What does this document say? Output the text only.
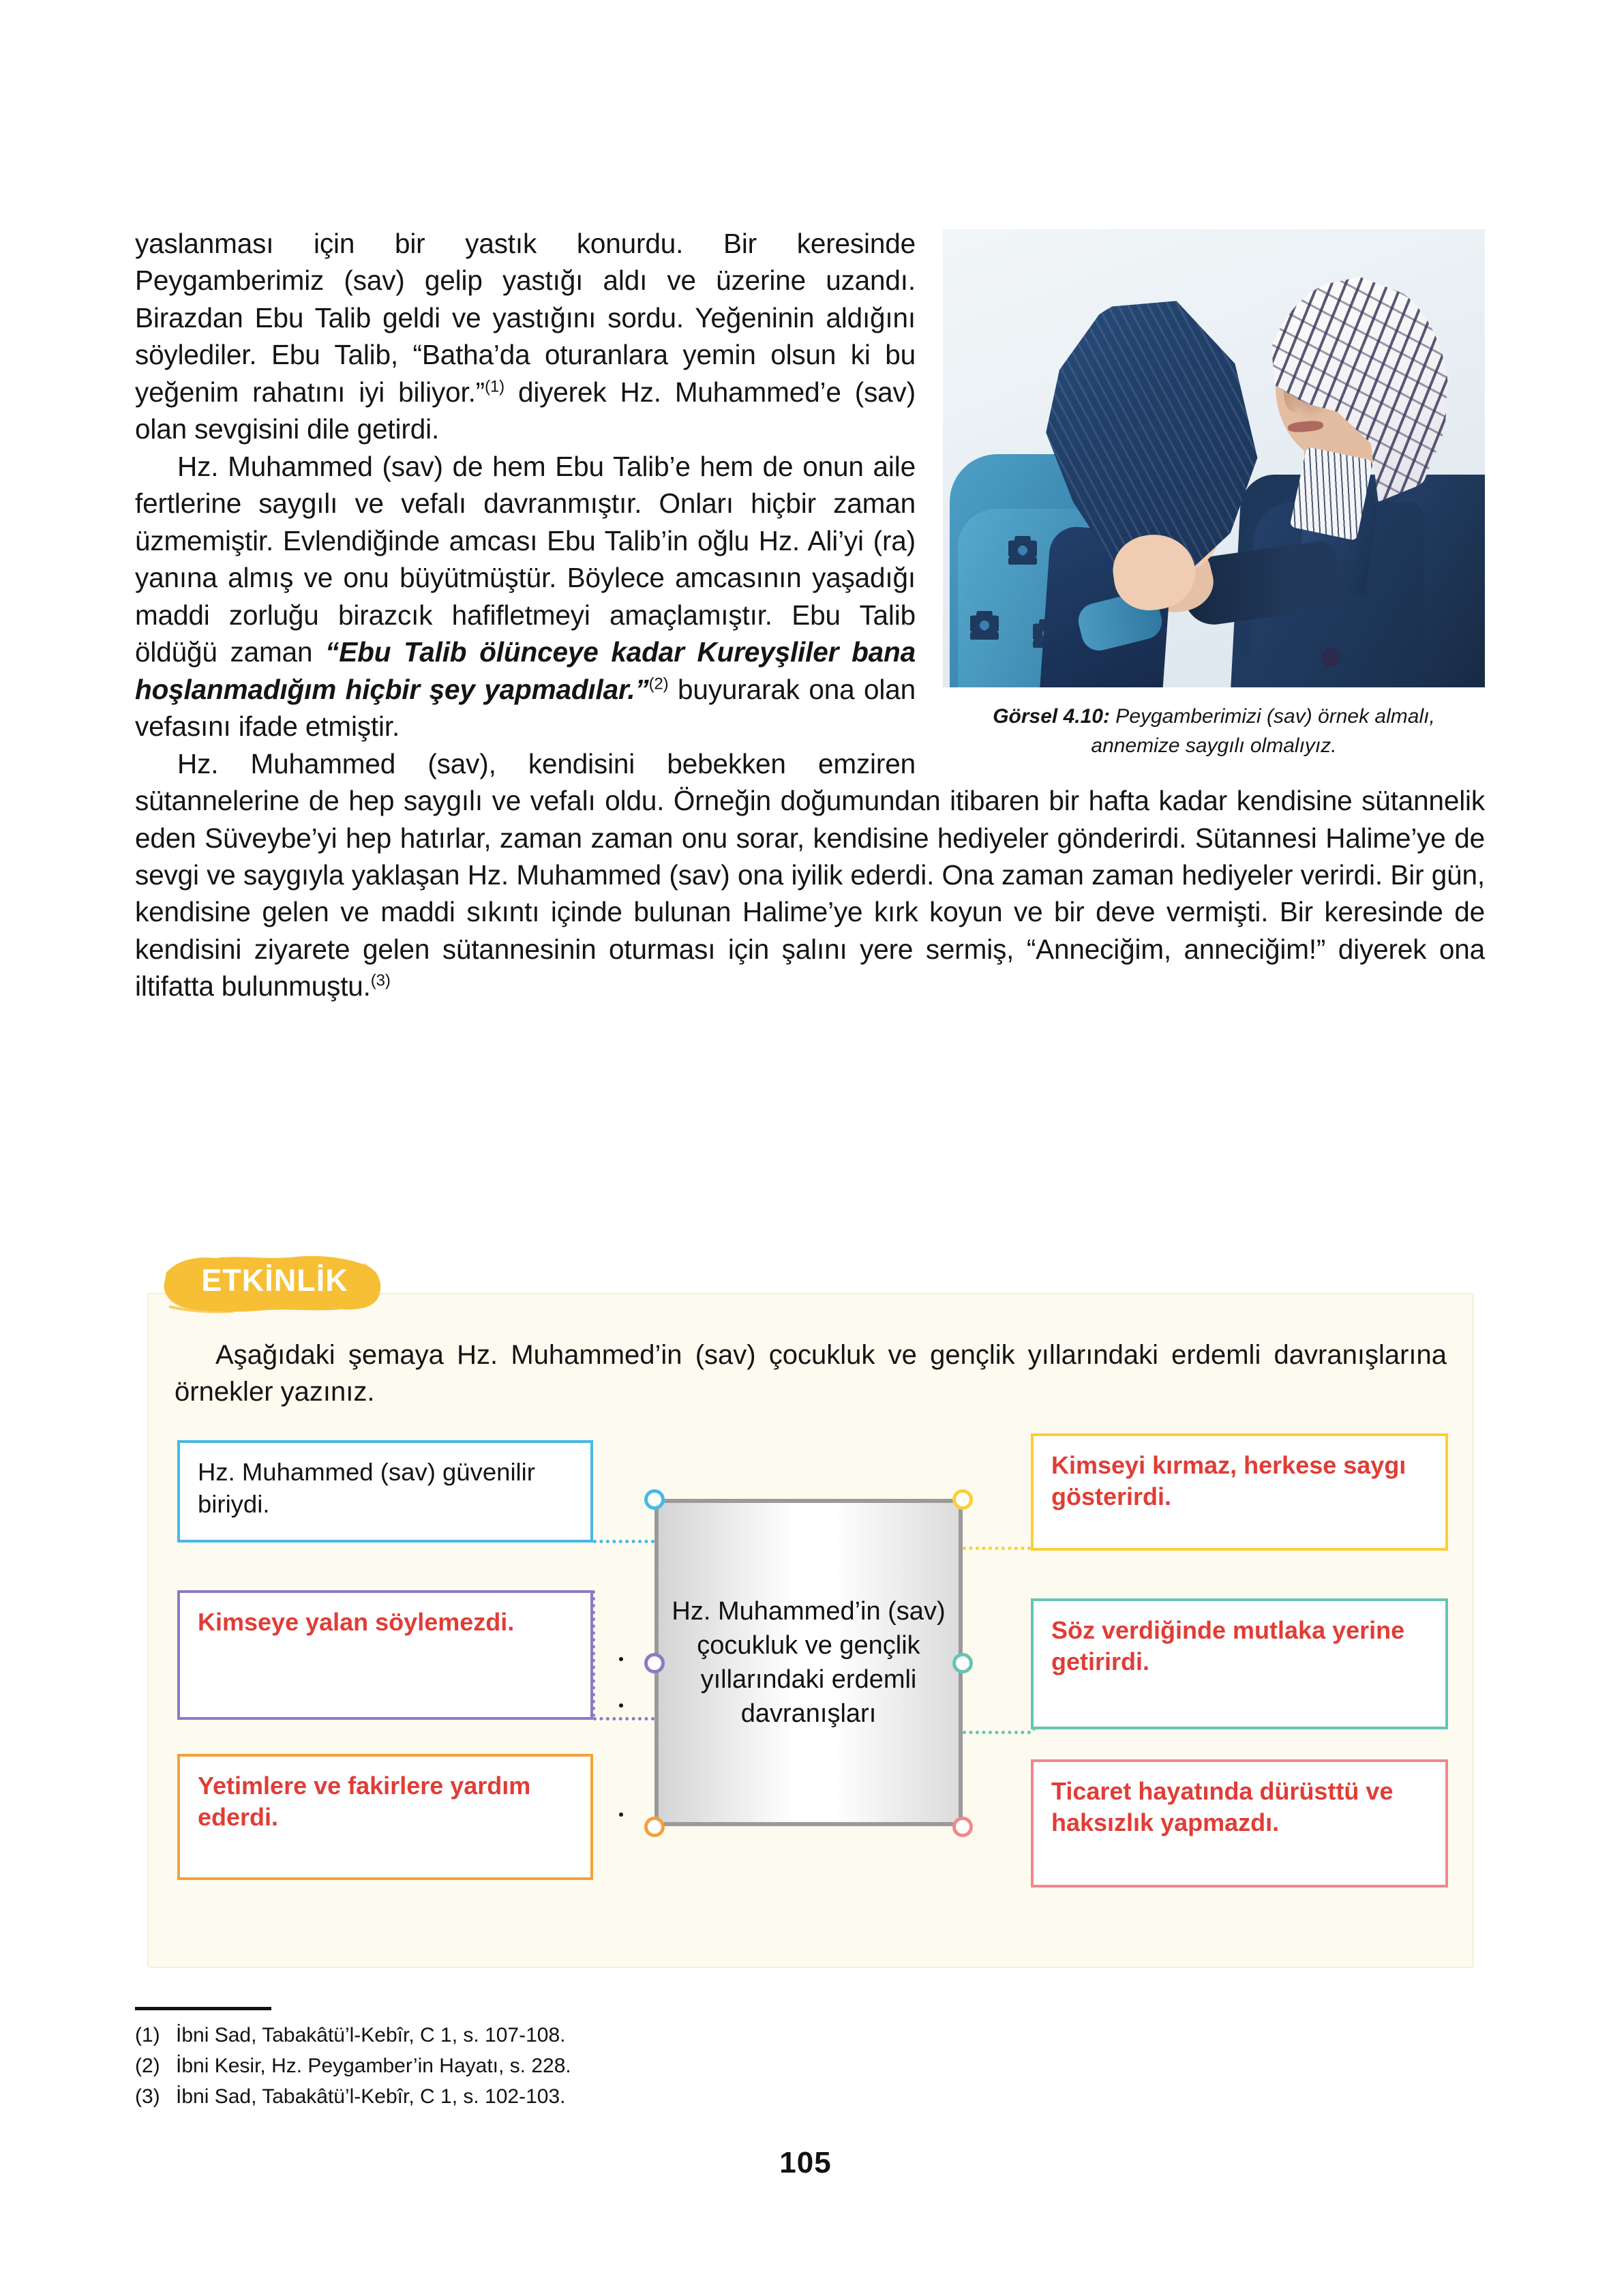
Görsel 4.10: Peygamberimizi (sav) örnek almalı, annemize saygılı olmalıyız.

yaslanması için bir yastık konurdu. Bir keresinde Peygamberimiz (sav) gelip yastığı aldı ve üzerine uzandı. Birazdan Ebu Talib geldi ve yastığını sordu. Yeğeninin aldığını söylediler. Ebu Talib, “Batha’da oturanlara yemin olsun ki bu yeğenim rahatını iyi biliyor.”$^{(1)}$ diyerek Hz. Muhammed’e (sav) olan sevgisini dile getirdi.

Hz. Muhammed (sav) de hem Ebu Talib’e hem de onun aile fertlerine saygılı ve vefalı davranmıştır. Onları hiçbir zaman üzmemiştir. Evlendiğinde amcası Ebu Talib’in oğlu Hz. Ali’yi (ra) yanına almış ve onu büyütmüştür. Böylece amcasının yaşadığı maddi zorluğu birazcık hafifletmeyi amaçlamıştır. Ebu Talib öldüğü zaman “Ebu Talib ölünceye kadar Kureyşliler bana hoşlanmadığım hiçbir şey yapmadılar.”$^{(2)}$ buyurarak ona olan vefasını ifade etmiştir.

Hz. Muhammed (sav), kendisini bebekken emziren sütannelerine de hep saygılı ve vefalı oldu. Örneğin doğumundan itibaren bir hafta kadar kendisine sütannelik eden Süveybe’yi hep hatırlar, zaman zaman onu sorar, kendisine hediyeler gönderirdi. Sütannesi Halime’ye de sevgi ve saygıyla yaklaşan Hz. Muhammed (sav) ona iyilik ederdi. Ona zaman zaman hediyeler verirdi. Bir gün, kendisine gelen ve maddi sıkıntı içinde bulunan Halime’ye kırk koyun ve bir deve vermişti. Bir keresinde de kendisini ziyarete gelen sütannesinin oturması için şalını yere sermiş, “Anneciğim, anneciğim!” diyerek ona iltifatta bulunmuştu.$^{(3)}$

ETKİNLİK
Aşağıdaki şemaya Hz. Muhammed’in (sav) çocukluk ve gençlik yıllarındaki erdemli davranışlarına örnekler yazınız.
Hz. Muhammed (sav) güvenilir biriydi.
Kimseye yalan söylemezdi.
Yetimlere ve fakirlere yardım ederdi.
Kimseyi kırmaz, herkese saygı gösterirdi.
Söz verdiğinde mutlaka yerine getirirdi.
Ticaret hayatında dürüsttü ve haksızlık yapmazdı.
Hz. Muhammed’in (sav) çocukluk ve gençlik yıllarındaki erdemli davranışları
(1) İbni Sad, Tabakâtü’l-Kebîr, C 1, s. 107-108.
(2) İbni Kesir, Hz. Peygamber’in Hayatı, s. 228.
(3) İbni Sad, Tabakâtü’l-Kebîr, C 1, s. 102-103.
105
